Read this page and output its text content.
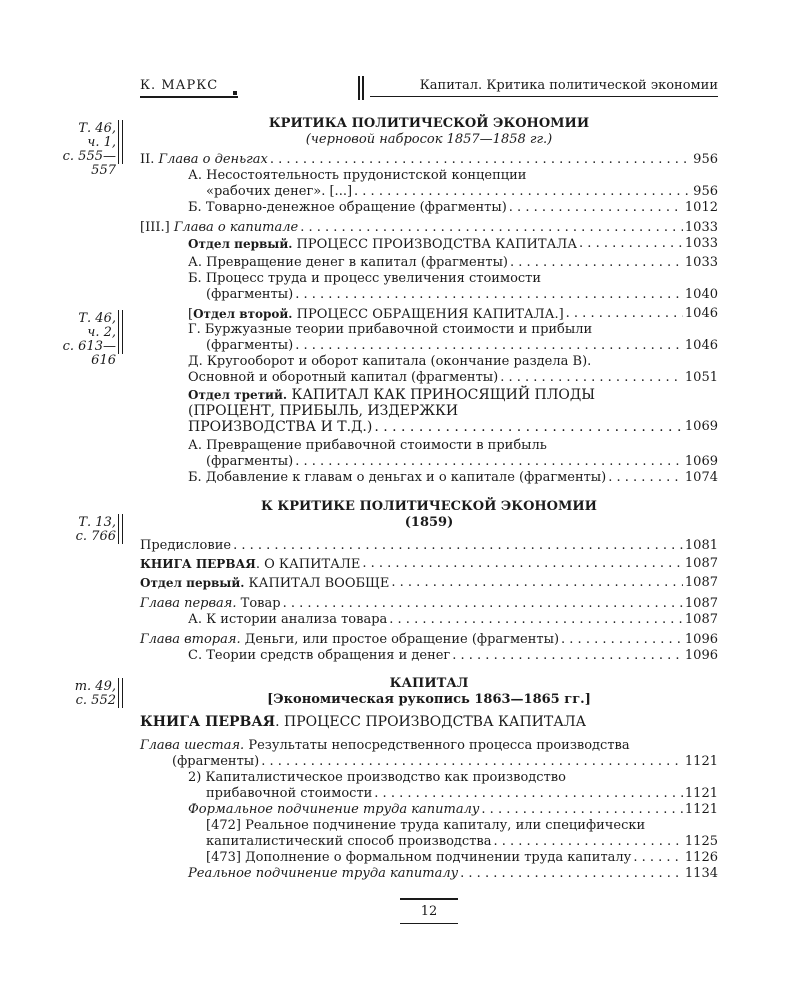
К. МАРКС	Капитал. Критика политической экономии
Т. 46,
ч. 1,
с. 555—557
Т. 46,
ч. 2,
с. 613—616
Т. 13,
с. 766
т. 49,
с. 552
КРИТИКА ПОЛИТИЧЕСКОЙ ЭКОНОМИИ
(черновой набросок 1857—1858 гг.)
II. Глава о деньгах . . .	956
А. Несостоятельность прудонистской концепции
«рабочих денег». [...] . . .	956
Б. Товарно-денежное обращение (фрагменты) . . .	1012
[III.] Глава о капитале . . .	1033
Отдел первый. ПРОЦЕСС ПРОИЗВОДСТВА КАПИТАЛА . . .	1033
А. Превращение денег в капитал (фрагменты) . . .	1033
Б. Процесс труда и процесс увеличения стоимости
(фрагменты) . . .	1040
[Отдел второй. ПРОЦЕСС ОБРАЩЕНИЯ КАПИТАЛА.] . . .	1046
Г. Буржуазные теории прибавочной стоимости и прибыли
(фрагменты) . . .	1046
Д. Кругооборот и оборот капитала (окончание раздела В).
Основной и оборотный капитал (фрагменты) . . .	1051
Отдел третий. КАПИТАЛ КАК ПРИНОСЯЩИЙ ПЛОДЫ
(ПРОЦЕНТ, ПРИБЫЛЬ, ИЗДЕРЖКИ
ПРОИЗВОДСТВА И Т.Д.) . . .	1069
А. Превращение прибавочной стоимости в прибыль
(фрагменты) . . .	1069
Б. Добавление к главам о деньгах и о капитале (фрагменты) . . .	1074
К КРИТИКЕ ПОЛИТИЧЕСКОЙ ЭКОНОМИИ
(1859)
Предисловие . . .	1081
КНИГА ПЕРВАЯ. О КАПИТАЛЕ . . .	1087
Отдел первый. КАПИТАЛ ВООБЩЕ . . .	1087
Глава первая. Товар . . .	1087
А. К истории анализа товара . . .	1087
Глава вторая. Деньги, или простое обращение (фрагменты) . . .	1096
С. Теории средств обращения и денег . . .	1096
КАПИТАЛ
[Экономическая рукопись 1863—1865 гг.]
КНИГА ПЕРВАЯ. ПРОЦЕСС ПРОИЗВОДСТВА КАПИТАЛА
Глава шестая. Результаты непосредственного процесса производства
(фрагменты) . . .	1121
2) Капиталистическое производство как производство
прибавочной стоимости . . .	1121
Формальное подчинение труда капиталу . . .	1121
[472] Реальное подчинение труда капиталу, или специфически
капиталистический способ производства . . .	1125
[473] Дополнение о формальном подчинении труда капиталу . . .	1126
Реальное подчинение труда капиталу . . .	1134
12
